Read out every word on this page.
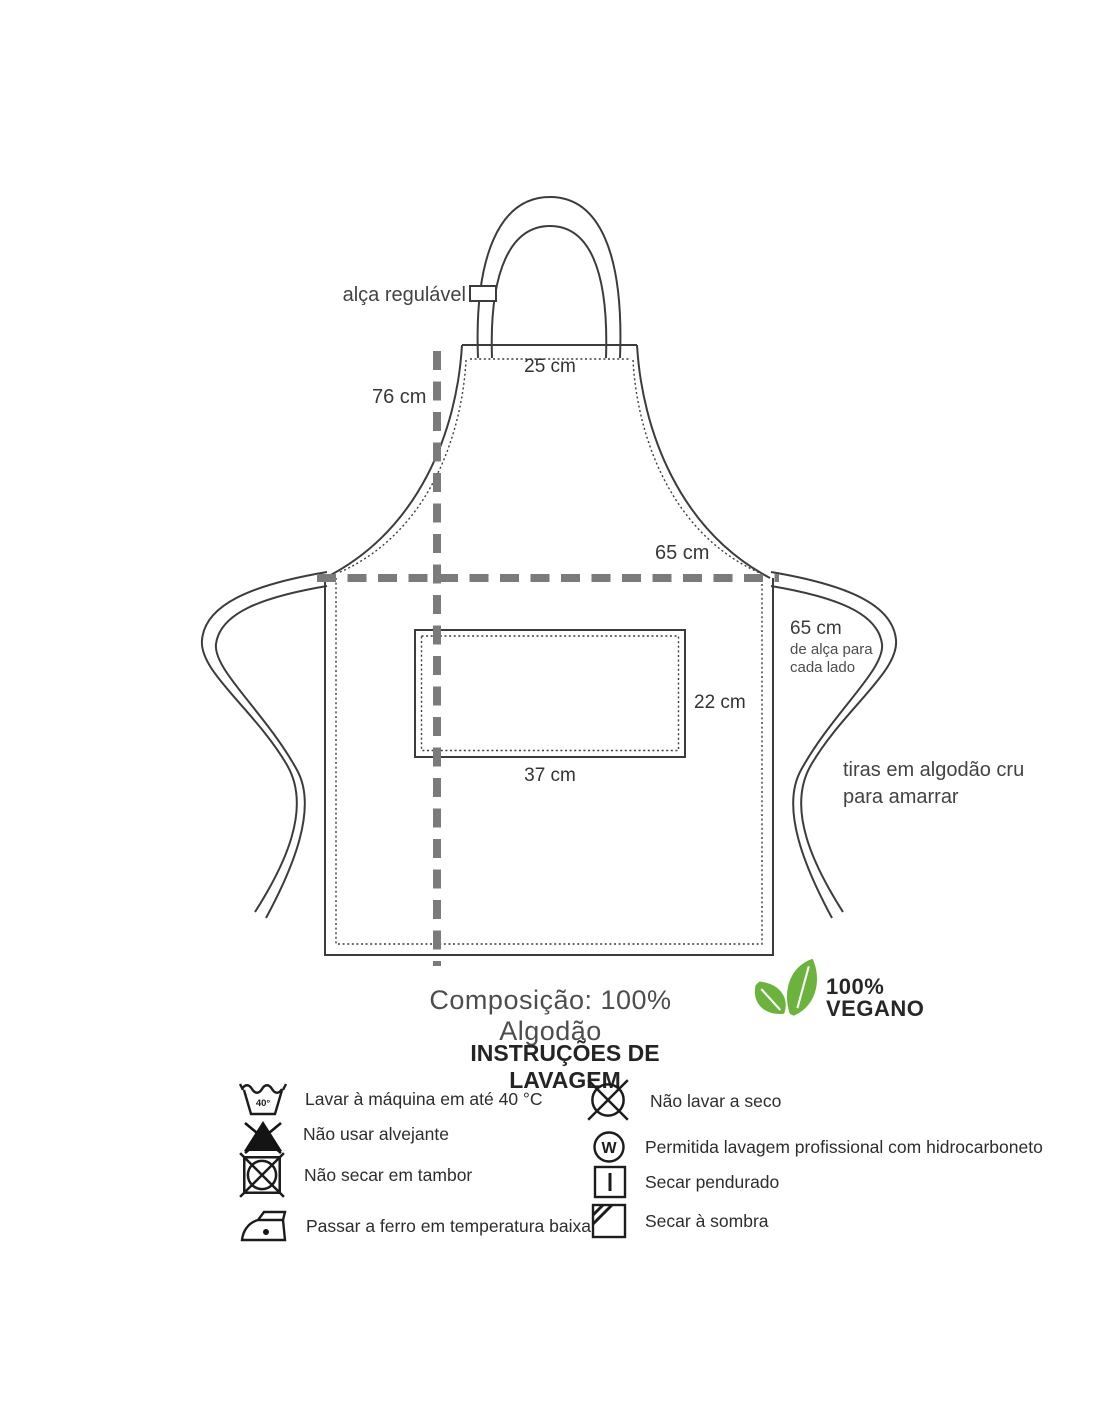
alça regulável
25 cm
76 cm
65 cm
22 cm
37 cm
65 cm
de alça para
cada lado
tiras em algodão cru
para amarrar
Composição: 100% Algodão
100%
VEGANO
INSTRUÇÕES DE LAVAGEM
40° Lavar à máquina em até 40 °C
Não usar alvejante
Não secar em tambor
Passar a ferro em temperatura baixa
Não lavar a seco
W Permitida lavagem profissional com hidrocarboneto
Secar pendurado
Secar à sombra
